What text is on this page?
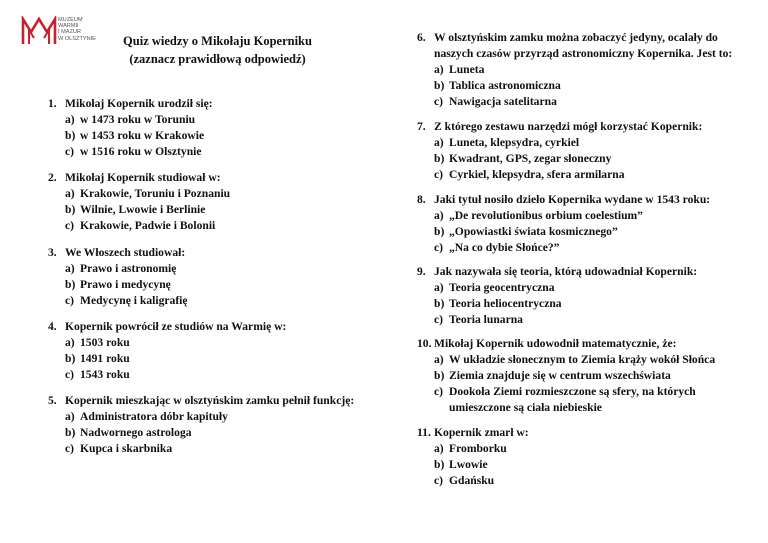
MUZEUM
WARMII
I MAZUR
W OLSZTYNIE	Quiz wiedzy o Mikołaju Koperniku
(zaznacz prawidłową odpowiedź)
1. Mikołaj Kopernik urodził się:
a) w 1473 roku w Toruniu
b) w 1453 roku w Krakowie
c) w 1516 roku w Olsztynie
2. Mikołaj Kopernik studiował w:
a) Krakowie, Toruniu i Poznaniu
b) Wilnie, Lwowie i Berlinie
c) Krakowie, Padwie i Bolonii
3. We Włoszech studiował:
a) Prawo i astronomię
b) Prawo i medycynę
c) Medycynę i kaligrafię
4. Kopernik powrócił ze studiów na Warmię w:
a) 1503 roku
b) 1491 roku
c) 1543 roku
5. Kopernik mieszkając w olsztyńskim zamku pełnił funkcję:
a) Administratora dóbr kapituły
b) Nadwornego astrologa
c) Kupca i skarbnika
6. W olsztyńskim zamku można zobaczyć jedyny, ocalały do
naszych czasów przyrząd astronomiczny Kopernika. Jest to:
a) Luneta
b) Tablica astronomiczna
c) Nawigacja satelitarna
7. Z którego zestawu narzędzi mógł korzystać Kopernik:
a) Luneta, klepsydra, cyrkiel
b) Kwadrant, GPS, zegar słoneczny
c) Cyrkiel, klepsydra, sfera armilarna
8. Jaki tytuł nosiło dzieło Kopernika wydane w 1543 roku:
a) „De revolutionibus orbium coelestium”
b) „Opowiastki świata kosmicznego”
c) „Na co dybie Słońce?”
9. Jak nazywała się teoria, którą udowadniał Kopernik:
a) Teoria geocentryczna
b) Teoria heliocentryczna
c) Teoria lunarna
10. Mikołaj Kopernik udowodnił matematycznie, że:
a) W układzie słonecznym to Ziemia krąży wokół Słońca
b) Ziemia znajduje się w centrum wszechświata
c) Dookoła Ziemi rozmieszczone są sfery, na których
umieszczone są ciała niebieskie
11. Kopernik zmarł w:
a) Fromborku
b) Lwowie
c) Gdańsku
